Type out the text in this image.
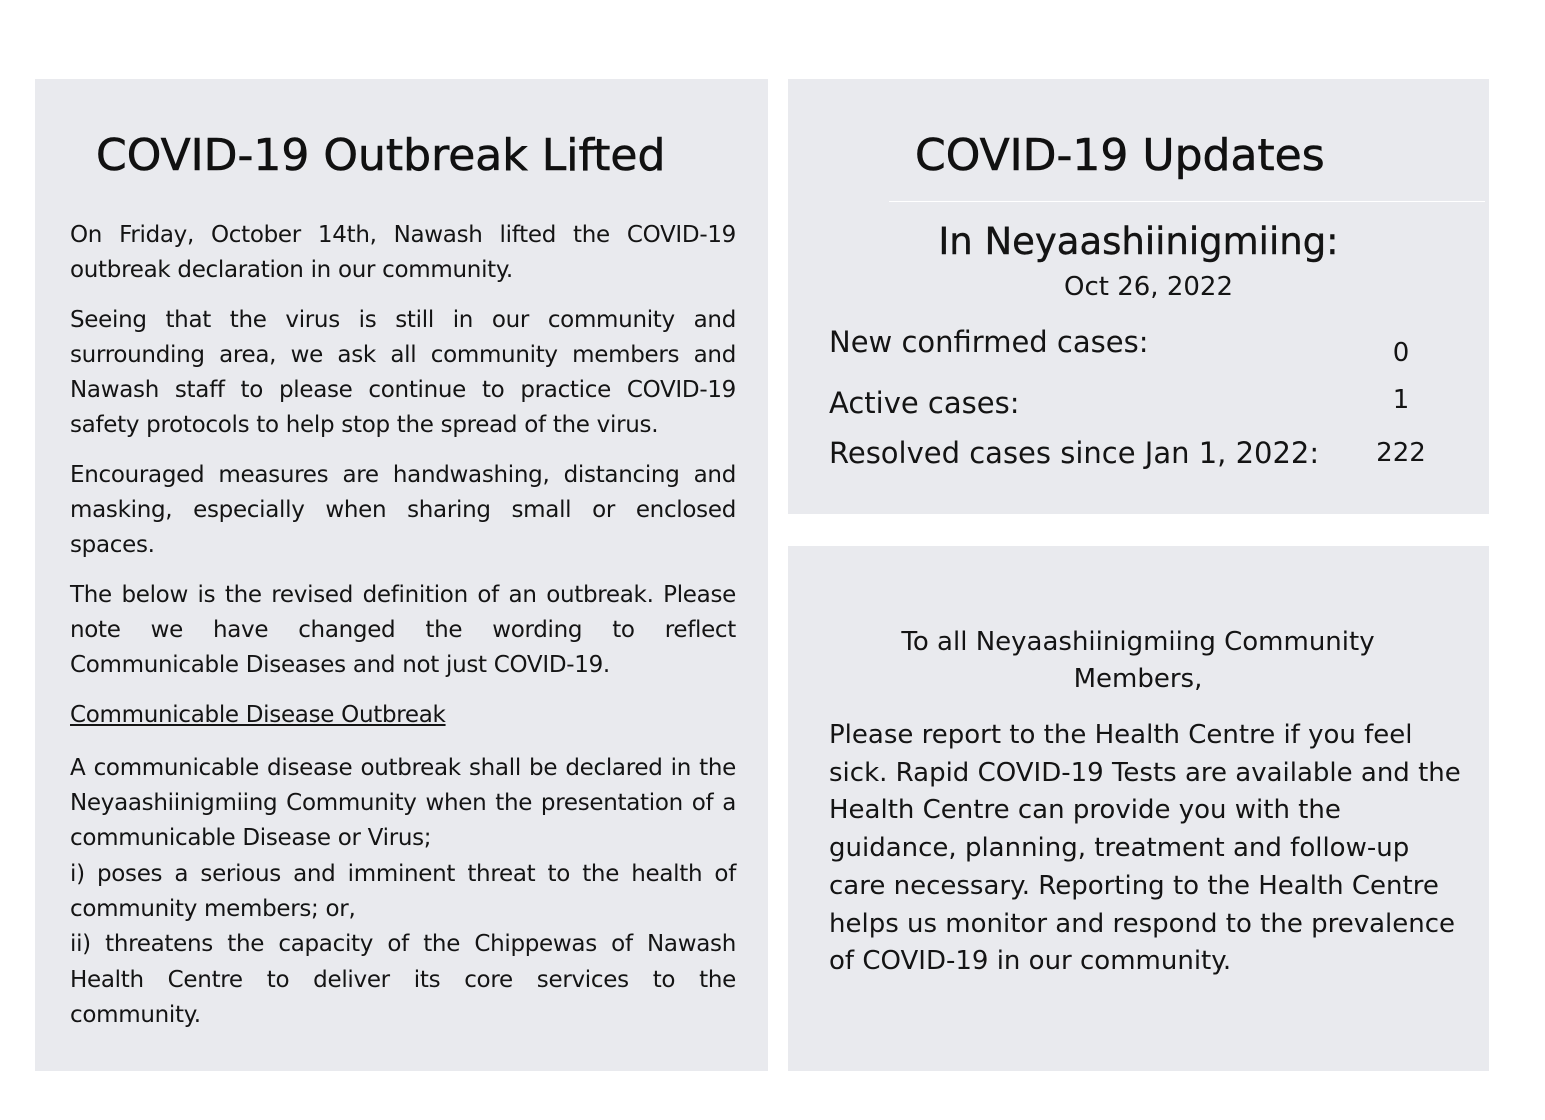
COVID-19 Outbreak Lifted

On Friday, October 14th, Nawash lifted the COVID-19 outbreak declaration in our community.

Seeing that the virus is still in our community and surrounding area, we ask all community members and Nawash staff to please continue to practice COVID-19 safety protocols to help stop the spread of the virus.

Encouraged measures are handwashing, distancing and masking, especially when sharing small or enclosed spaces.

The below is the revised definition of an outbreak. Please note we have changed the wording to reflect Communicable Diseases and not just COVID-19.

Communicable Disease Outbreak

A communicable disease outbreak shall be declared in the Neyaashiinigmiing Community when the presentation of a communicable Disease or Virus;

i) poses a serious and imminent threat to the health of community members; or,

ii) threatens the capacity of the Chippewas of Nawash Health Centre to deliver its core services to the community.

COVID-19 Updates
In Neyaashiinigmiing:
Oct 26, 2022
New confirmed cases:	0
Active cases:	1
Resolved cases since Jan 1, 2022:	222
To all Neyaashiinigmiing Community Members,
Please report to the Health Centre if you feel sick. Rapid COVID-19 Tests are available and the Health Centre can provide you with the guidance, planning, treatment and follow-up care necessary. Reporting to the Health Centre helps us monitor and respond to the prevalence of COVID-19 in our community.
